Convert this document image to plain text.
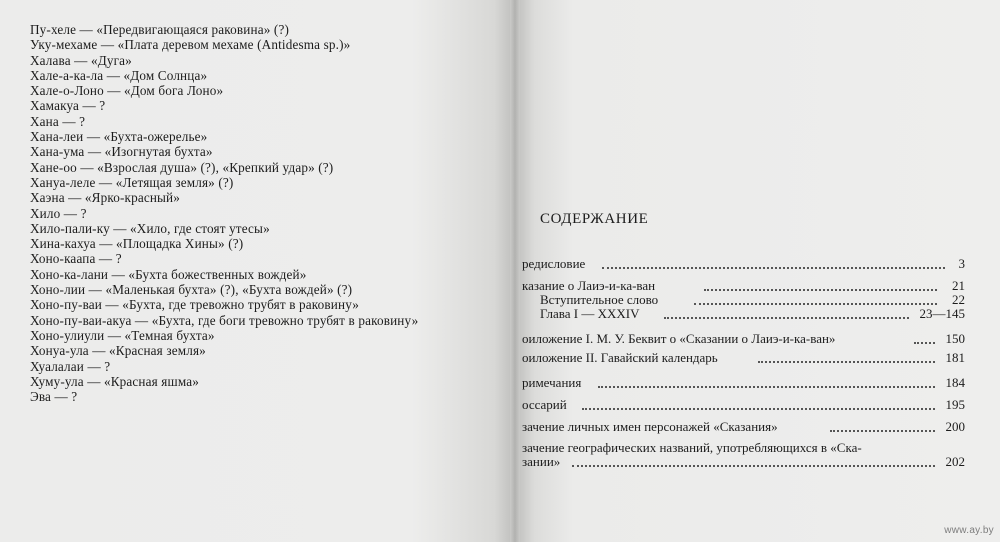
Пу-хеле — «Передвигающаяся раковина» (?)
Уку-мехаме — «Плата деревом мехаме (Antidesma sp.)»
Халава — «Дуга»
Хале-а-ка-ла — «Дом Солнца»
Хале-о-Лоно — «Дом бога Лоно»
Хамакуа — ?
Хана — ?
Хана-леи — «Бухта-ожерелье»
Хана-ума — «Изогнутая бухта»
Хане-оо — «Взрослая душа» (?), «Крепкий удар» (?)
Хануа-леле — «Летящая земля» (?)
Хаэна — «Ярко-красный»
Хило — ?
Хило-пали-ку — «Хило, где стоят утесы»
Хина-кахуа — «Площадка Хины» (?)
Хоно-каапа — ?
Хоно-ка-лани — «Бухта божественных вождей»
Хоно-лии — «Маленькая бухта» (?), «Бухта вождей» (?)
Хоно-пу-ваи — «Бухта, где тревожно трубят в раковину»
Хоно-пу-ваи-акуа — «Бухта, где боги тревожно трубят в раковину»
Хоно-улиули — «Темная бухта»
Хонуа-ула — «Красная земля»
Хуалалаи — ?
Хуму-ула — «Красная яшма»
Эва — ?
СОДЕРЖАНИЕ
редисловие	3
казание о Лаиэ-и-ка-ван	21
Вступительное слово	22
Глава I — XXXIV	23—145
оиложение I. М. У. Беквит о «Сказании о Лаиэ-и-ка-ван»	150
оиложение II. Гавайский календарь	181
римечания	184
оссарий	195
зачение личных имен персонажей «Сказания»	200
зачение географических названий, употребляющихся в «Ска-
зании»	202
www.ay.by
